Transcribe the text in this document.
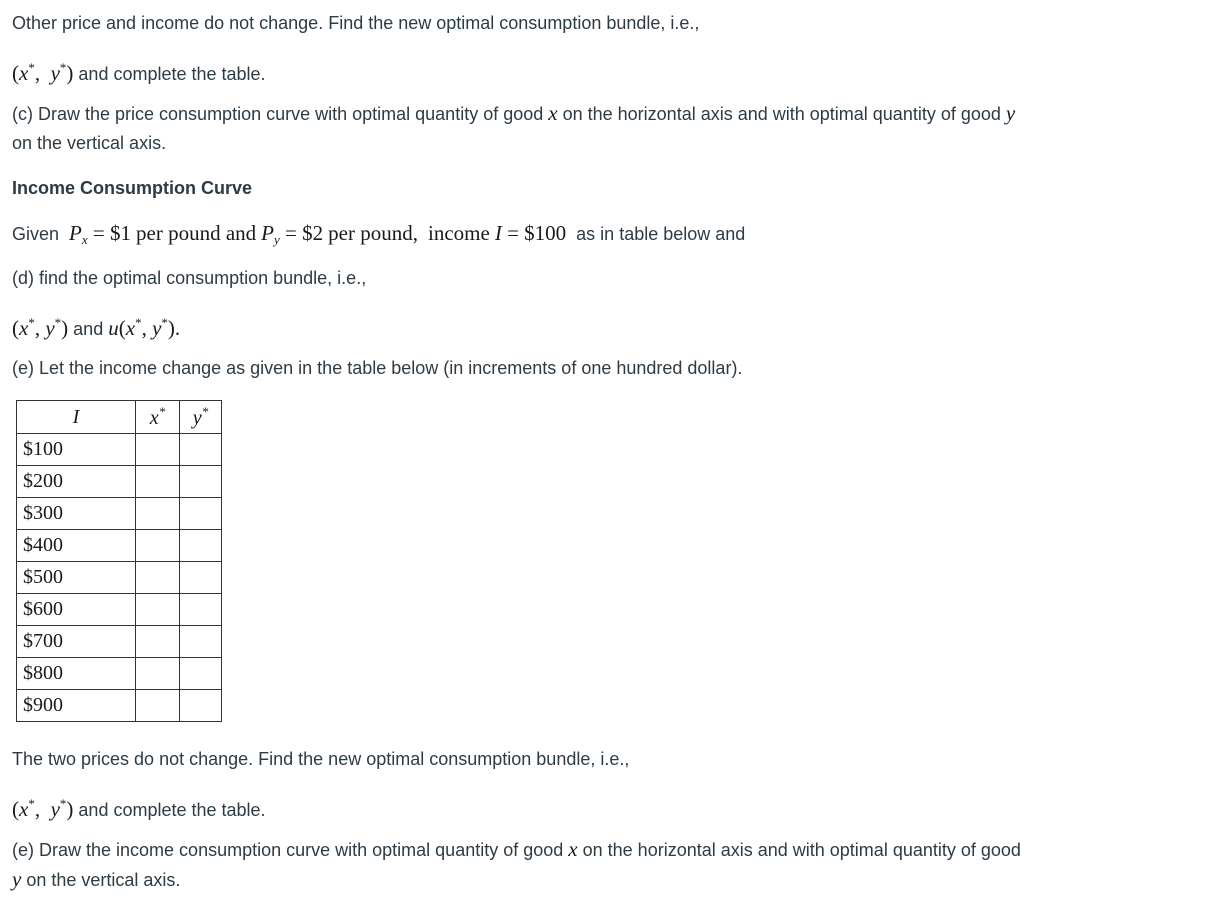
Other price and income do not change. Find the new optimal consumption bundle, i.e.,
(x*,  y*) and complete the table.
(c) Draw the price consumption curve with optimal quantity of good x on the horizontal axis and with optimal quantity of good y
on the vertical axis.
Income Consumption Curve
Given $P_x$ = $1 per pound and $P_y$ = $2 per pound, income I = $100 as in table below and
(d) find the optimal consumption bundle, i.e.,
(x*, y*) and u(x*, y*).
(e) Let the income change as given in the table below (in increments of one hundred dollar).
I	x*	y*
$100		
$200		
$300		
$400		
$500		
$600		
$700		
$800		
$900		
The two prices do not change. Find the new optimal consumption bundle, i.e.,
(x*,  y*) and complete the table.
(e) Draw the income consumption curve with optimal quantity of good x on the horizontal axis and with optimal quantity of good
y on the vertical axis.
